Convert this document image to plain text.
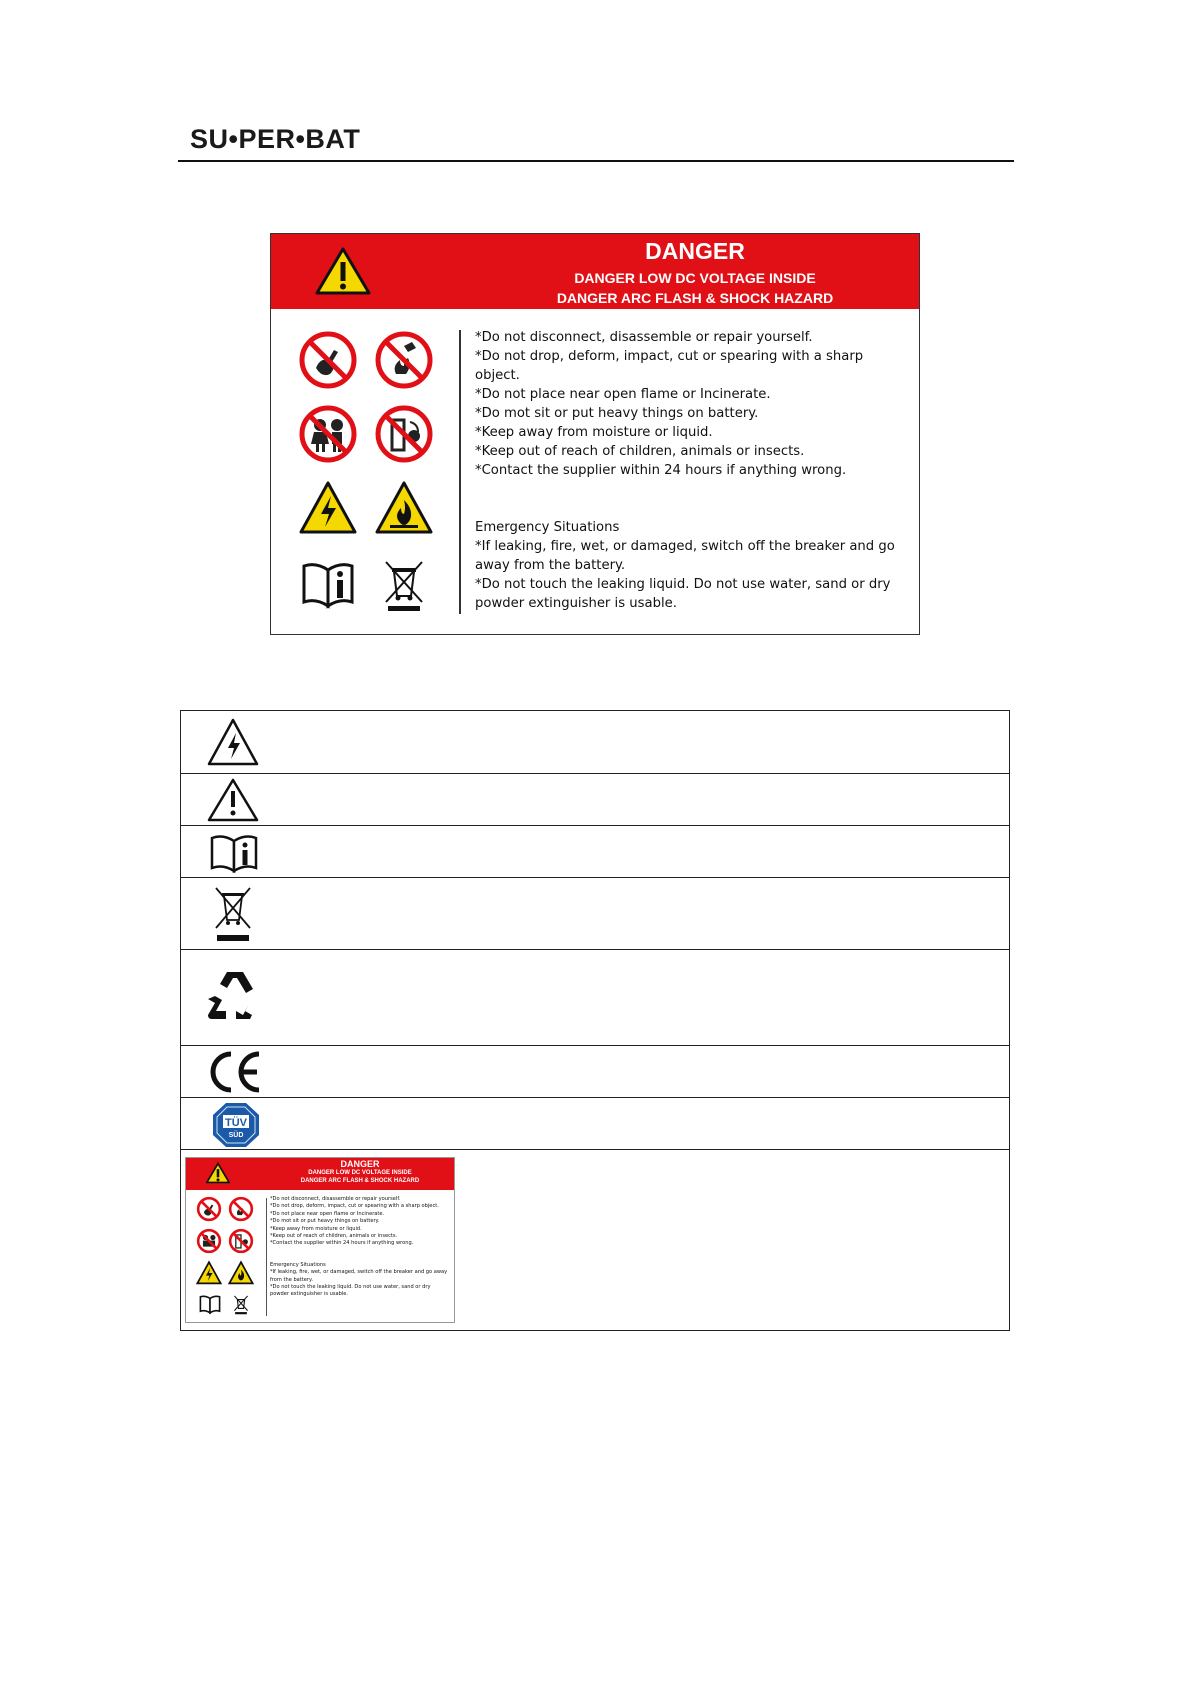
SU•PER•BAT
DANGER
DANGER LOW DC VOLTAGE INSIDE
DANGER ARC FLASH & SHOCK HAZARD

*Do not disconnect, disassemble or repair yourself.

*Do not drop, deform, impact, cut or spearing with a sharp object.

*Do not place near open flame or Incinerate.

*Do mot sit or put heavy things on battery.

*Keep away from moisture or liquid.

*Keep out of reach of children, animals or insects.

*Contact the supplier within 24 hours if anything wrong.

Emergency Situations

*If leaking, fire, wet, or damaged, switch off the breaker and go away from the battery.

*Do not touch the leaking liquid. Do not use water, sand or dry powder extinguisher is usable.

TÜV
SÜD
DANGER
DANGER LOW DC VOLTAGE INSIDE
DANGER ARC FLASH & SHOCK HAZARD

*Do not disconnect, disassemble or repair yourself.

*Do not drop, deform, impact, cut or spearing with a sharp object.

*Do not place near open flame or Incinerate.

*Do mot sit or put heavy things on battery.

*Keep away from moisture or liquid.

*Keep out of reach of children, animals or insects.

*Contact the supplier within 24 hours if anything wrong.

Emergency Situations

*If leaking, fire, wet, or damaged, switch off the breaker and go away from the battery.

*Do not touch the leaking liquid. Do not use water, sand or dry powder extinguisher is usable.
